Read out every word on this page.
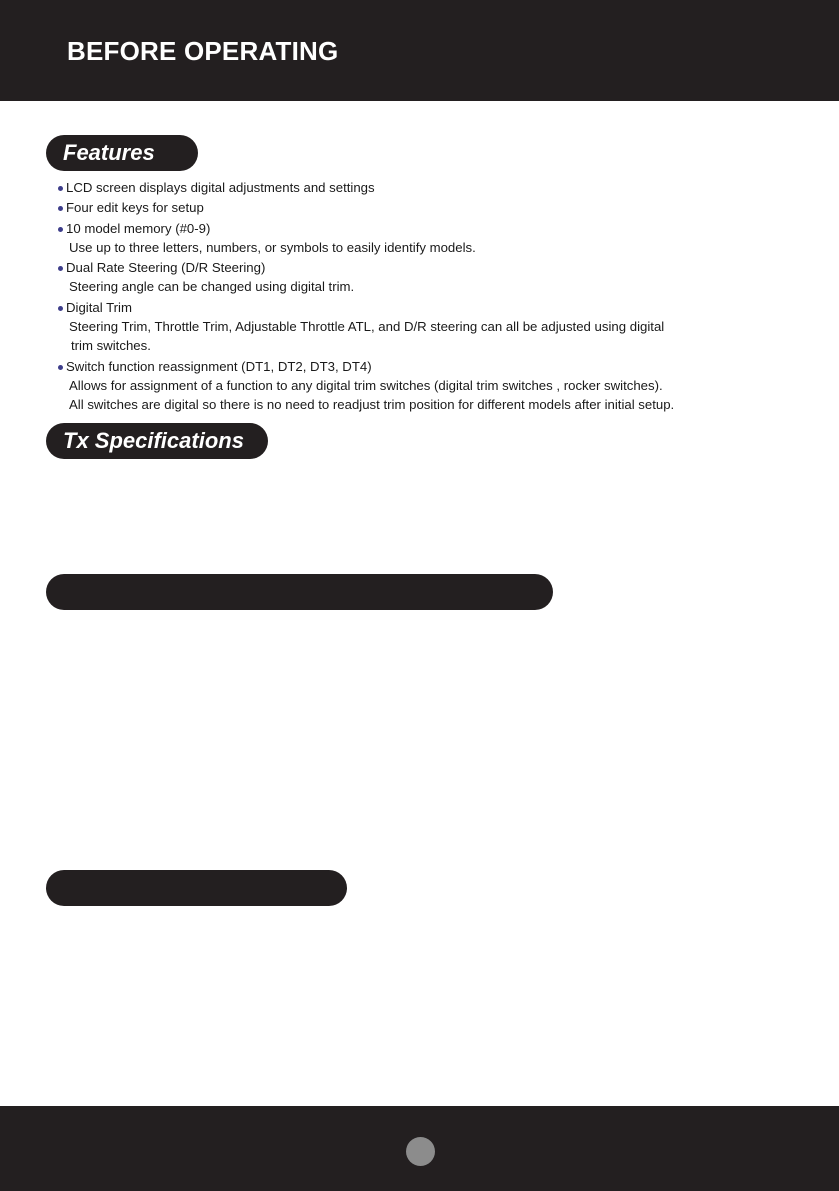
BEFORE OPERATING
Features
LCD screen displays digital adjustments and settings
Four edit keys for setup
10 model memory (#0-9)
Use up to three letters, numbers, or symbols to easily identify models.
Dual Rate Steering (D/R Steering)
Steering angle can be changed using digital trim.
Digital Trim
Steering Trim, Throttle Trim, Adjustable Throttle ATL, and D/R steering can all be adjusted using digital
trim switches.
Switch function reassignment (DT1, DT2, DT3, DT4)
Allows for assignment of a function to any digital trim switches (digital trim switches , rocker switches).
All switches are digital so there is no need to readjust trim position for different models after initial setup.
Tx Specifications
